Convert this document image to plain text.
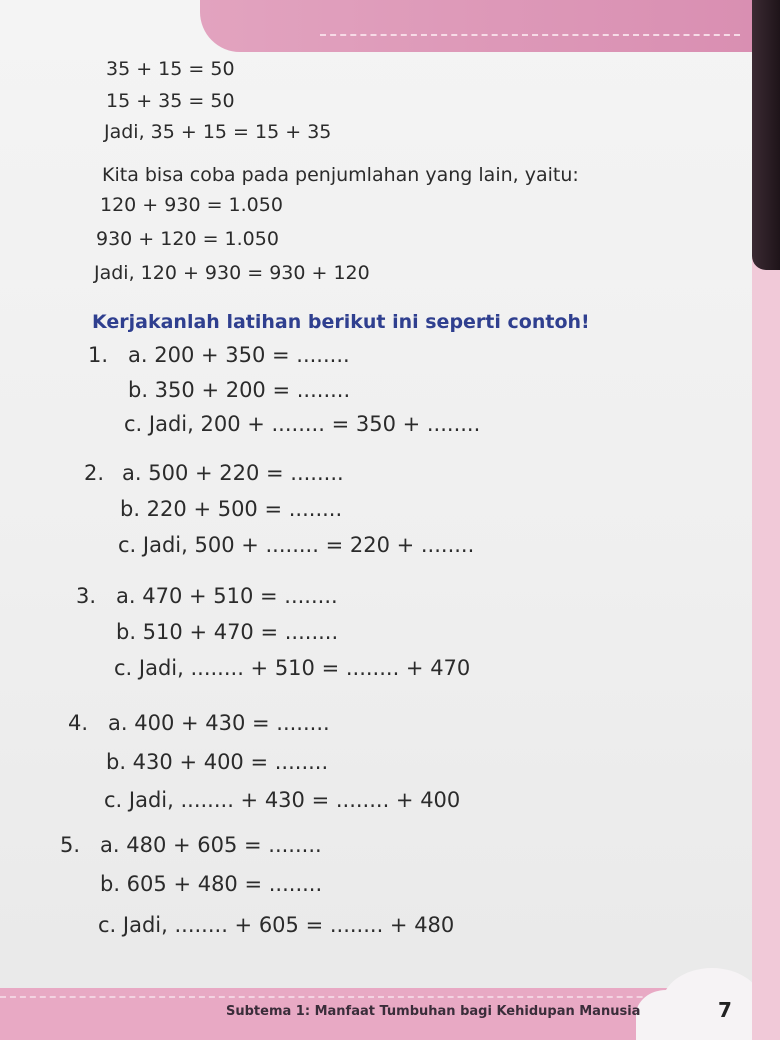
35 + 15 = 50
15 + 35 = 50
Jadi, 35 + 15 = 15 + 35
Kita bisa coba pada penjumlahan yang lain, yaitu:
120 + 930 = 1.050
930 + 120 = 1.050
Jadi, 120 + 930 = 930 + 120
Kerjakanlah latihan berikut ini seperti contoh!
1. a. 200 + 350 = ........
b. 350 + 200 = ........
c. Jadi, 200 + ........ = 350 + ........
2. a. 500 + 220 = ........
b. 220 + 500 = ........
c. Jadi, 500 + ........ = 220 + ........
3. a. 470 + 510 = ........
b. 510 + 470 = ........
c. Jadi, ........ + 510 = ........ + 470
4. a. 400 + 430 = ........
b. 430 + 400 = ........
c. Jadi, ........ + 430 = ........ + 400
5. a. 480 + 605 = ........
b. 605 + 480 = ........
c. Jadi, ........ + 605 = ........ + 480
Subtema 1: Manfaat Tumbuhan bagi Kehidupan Manusia	7
